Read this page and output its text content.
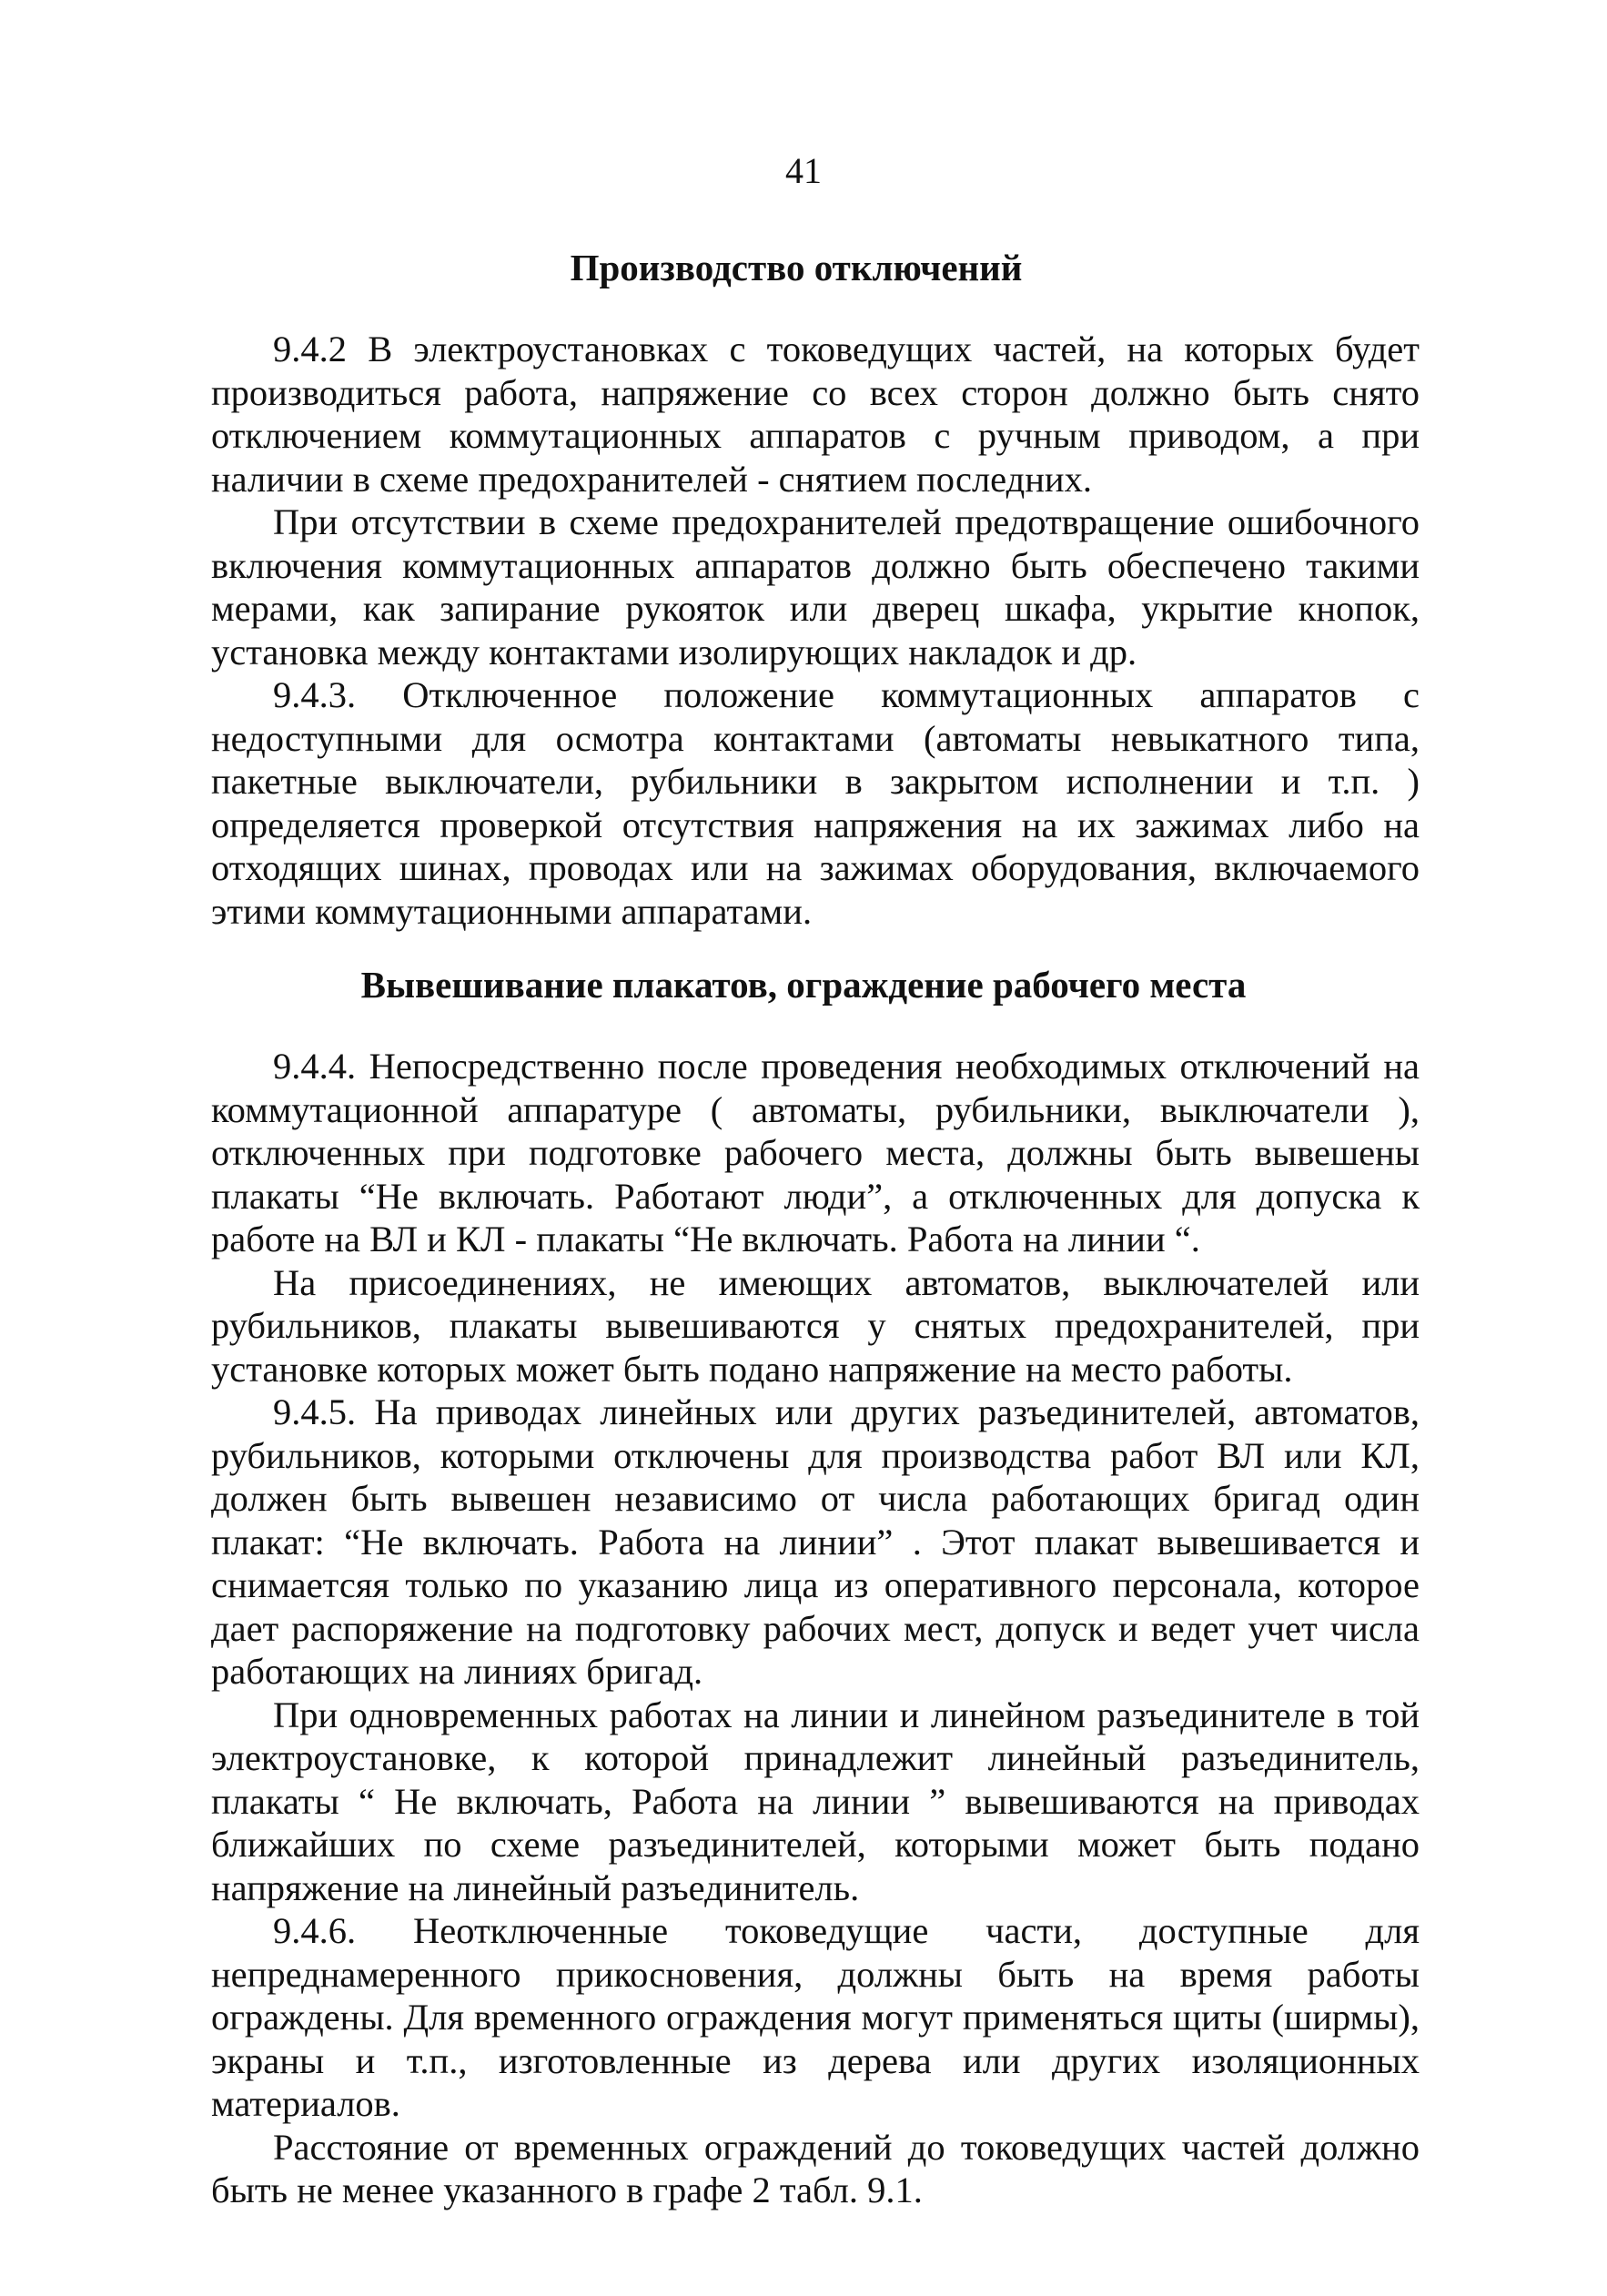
41
Производство отключений

9.4.2 В электроустановках с токоведущих частей, на которых будет производиться работа, напряжение со всех сторон должно быть снято отключением коммутационных аппаратов с ручным приводом, а при наличии в схеме предохранителей - снятием последних.

При отсутствии в схеме предохранителей предотвращение ошибочного включения коммутационных аппаратов должно быть обеспечено такими мерами, как запирание рукояток или дверец шкафа, укрытие кнопок, установка между контактами изолирующих накладок и др.

9.4.3. Отключенное положение коммутационных аппаратов с недоступными для осмотра контактами (автоматы невыкатного типа, пакетные выключатели, рубильники в закрытом исполнении и т.п. ) определяется проверкой отсутствия напряжения на их зажимах либо на отходящих шинах, проводах или на зажимах оборудования, включаемого этими коммутационными аппаратами.

Вывешивание плакатов, ограждение рабочего места

9.4.4. Непосредственно после проведения необходимых отключений на коммутационной аппаратуре ( автоматы, рубильники, выключатели ), отключенных при подготовке рабочего места, должны быть вывешены плакаты “Не включать. Работают люди”, а отключенных для допуска к работе на ВЛ и КЛ - плакаты “Не включать. Работа на линии “.

На присоединениях, не имеющих автоматов, выключателей или рубильников, плакаты вывешиваются у снятых предохранителей, при установке которых может быть подано напряжение на место работы.

9.4.5. На приводах линейных или других разъединителей, автоматов, рубильников, которыми отключены для производства работ ВЛ или КЛ, должен быть вывешен независимо от числа работающих бригад один плакат: “Не включать. Работа на линии” . Этот плакат вывешивается и снимаетсяя только по указанию лица из оперативного персонала, которое дает распоряжение на подготовку рабочих мест, допуск и ведет учет числа работающих на линиях бригад.

При одновременных работах на линии и линейном разъединителе в той электроустановке, к которой принадлежит линейный разъединитель, плакаты “ Не включать, Работа на линии ” вывешиваются на приводах ближайших по схеме разъединителей, которыми может быть подано напряжение на линейный разъединитель.

9.4.6. Неотключенные токоведущие части, доступные для непреднамеренного прикосновения, должны быть на время работы ограждены. Для временного ограждения могут применяться щиты (ширмы), экраны и т.п., изготовленные из дерева или других изоляционных материалов.

Расстояние от временных ограждений до токоведущих частей должно быть не менее указанного в графе 2 табл. 9.1.
